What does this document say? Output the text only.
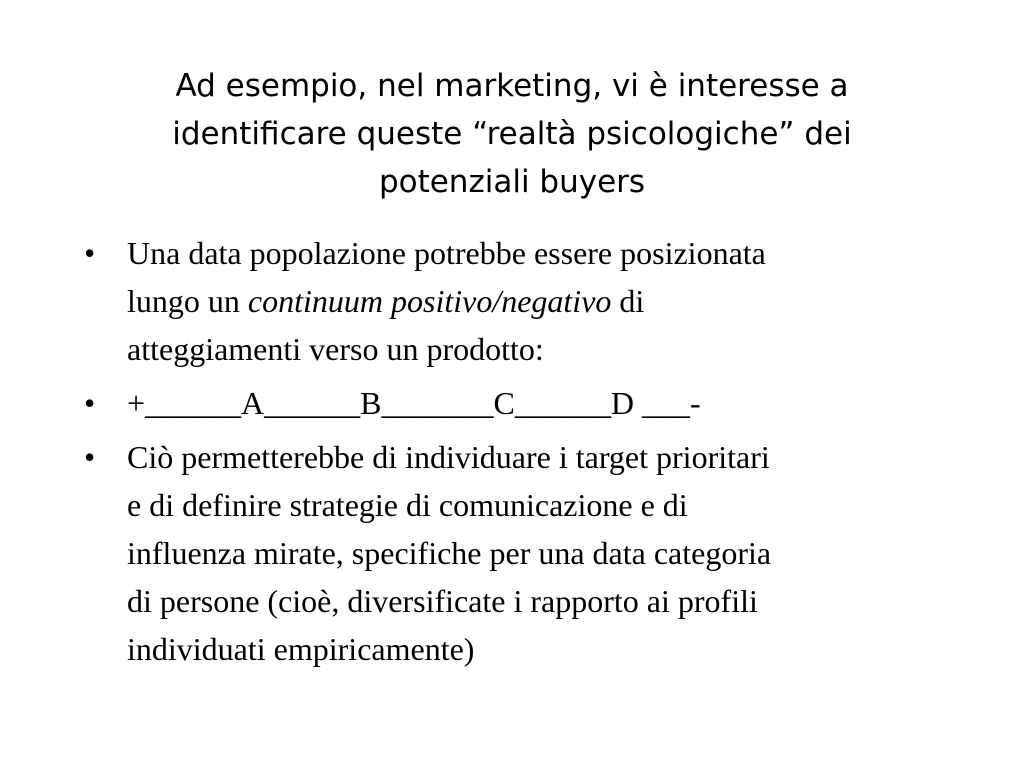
Ad esempio, nel marketing, vi è interesse a
identificare queste “realtà psicologiche” dei
potenziali buyers
• Una data popolazione potrebbe essere posizionata
lungo un continuum positivo/negativo di
atteggiamenti verso un prodotto:
• +______A______B_______C______D ___-
• Ciò permetterebbe di individuare i target prioritari
e di definire strategie di comunicazione e di
influenza mirate, specifiche per una data categoria
di persone (cioè, diversificate i rapporto ai profili
individuati empiricamente)
